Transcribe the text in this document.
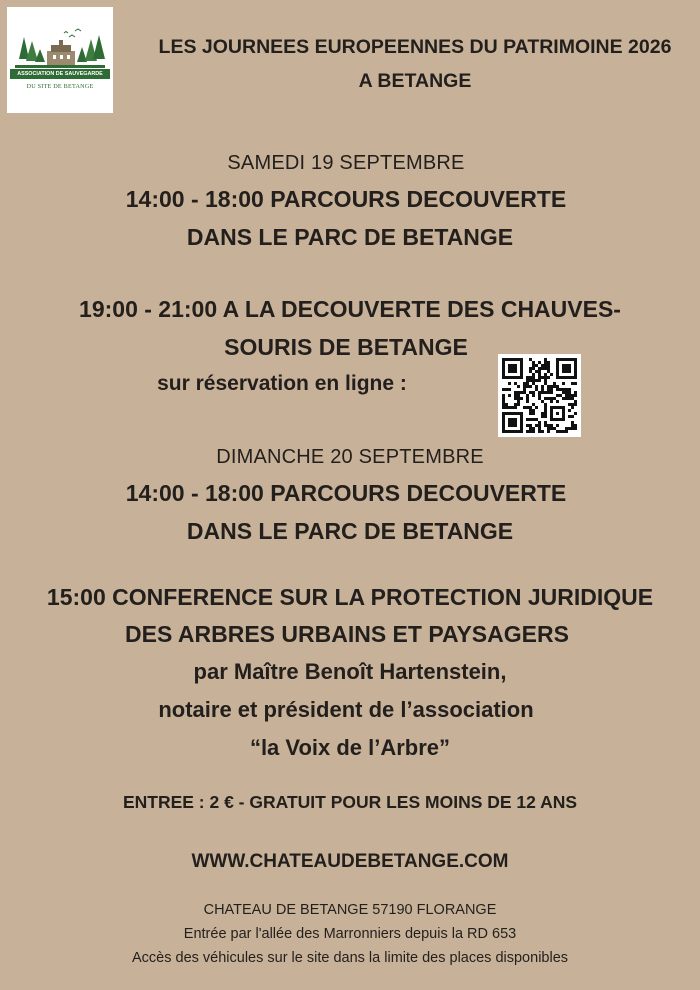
ASSOCIATION DE SAUVEGARDE
DU SITE DE BETANGE
LES JOURNEES EUROPEENNES DU PATRIMOINE 2026
A BETANGE
SAMEDI 19 SEPTEMBRE
14:00 - 18:00 PARCOURS DECOUVERTE
DANS LE PARC DE BETANGE
19:00 - 21:00 A LA DECOUVERTE DES CHAUVES-
SOURIS DE BETANGE
sur réservation en ligne :
DIMANCHE 20 SEPTEMBRE
14:00 - 18:00 PARCOURS DECOUVERTE
DANS LE PARC DE BETANGE
15:00 CONFERENCE SUR LA PROTECTION JURIDIQUE
DES ARBRES URBAINS ET PAYSAGERS
par Maître Benoît Hartenstein,
notaire et président de l’association
“la Voix de l’Arbre”
ENTREE : 2 € - GRATUIT POUR LES MOINS DE 12 ANS
WWW.CHATEAUDEBETANGE.COM
CHATEAU DE BETANGE 57190 FLORANGE
Entrée par l'allée des Marronniers depuis la RD 653
Accès des véhicules sur le site dans la limite des places disponibles
